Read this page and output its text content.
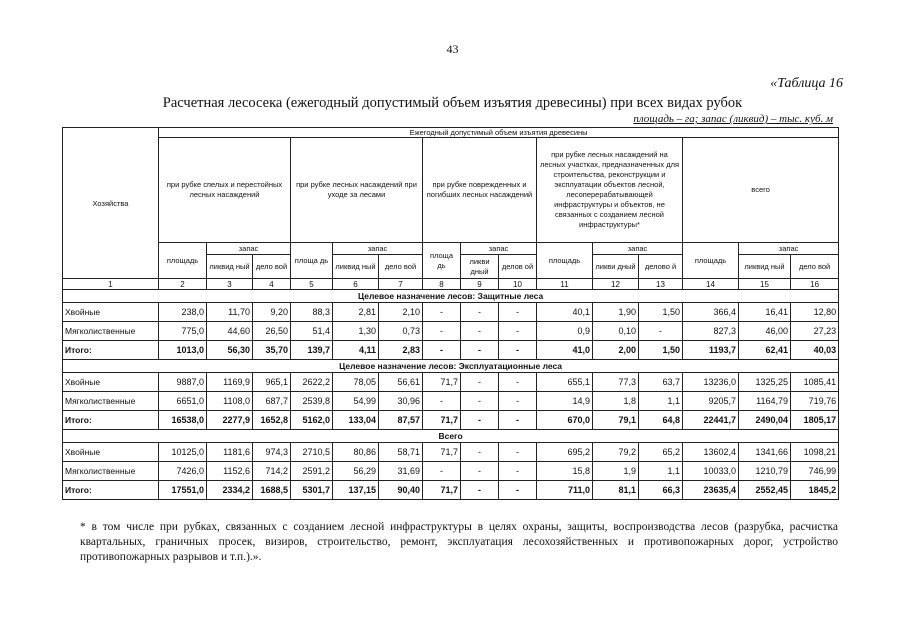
43
«Таблица 16
Расчетная лесосека (ежегодный допустимый объем изъятия древесины) при всех видах рубок
площадь – га; запас (ликвид) – тыс. куб. м
Хозяйства	Ежегодный допустимый объем изъятия древесины														
	при рубке спелых и перестойных лесных насаждений			при рубке лесных насаждений при уходе за лесами			при рубке поврежденных и погибших лесных насаждений			при рубке лесных насаждений на лесных участках, предназначенных для строительства, реконструкции и эксплуатации объектов лесной, лесоперерабатывающей инфраструктуры и объектов, не связанных с созданием лесной инфраструктуры*			всего		
	площадь	запас		площа дь	запас		площа дь	запас		площадь	запас		площадь	запас	
		ликвид ный	дело вой		ликвид ный	дело вой		ликви дный	делов ой		ликви дный	делово й		ликвид ный	дело вой
1	2	3	4	5	6	7	8	9	10	11	12	13	14	15	16
Целевое назначение лесов: Защитные леса															
Хвойные	238,0	11,70	9,20	88,3	2,81	2,10	-	-	-	40,1	1,90	1,50	366,4	16,41	12,80
Мягколиственные	775,0	44,60	26,50	51,4	1,30	0,73	-	-	-	0,9	0,10	-	827,3	46,00	27,23
Итого:	1013,0	56,30	35,70	139,7	4,11	2,83	-	-	-	41,0	2,00	1,50	1193,7	62,41	40,03
Целевое назначение лесов: Эксплуатационные леса															
Хвойные	9887,0	1169,9	965,1	2622,2	78,05	56,61	71,7	-	-	655,1	77,3	63,7	13236,0	1325,25	1085,41
Мягколиственные	6651,0	1108,0	687,7	2539,8	54,99	30,96	-	-	-	14,9	1,8	1,1	9205,7	1164,79	719,76
Итого:	16538,0	2277,9	1652,8	5162,0	133,04	87,57	71,7	-	-	670,0	79,1	64,8	22441,7	2490,04	1805,17
Всего															
Хвойные	10125,0	1181,6	974,3	2710,5	80,86	58,71	71,7	-	-	695,2	79,2	65,2	13602,4	1341,66	1098,21
Мягколиственные	7426,0	1152,6	714,2	2591,2	56,29	31,69	-	-	-	15,8	1,9	1,1	10033,0	1210,79	746,99
Итого:	17551,0	2334,2	1688,5	5301,7	137,15	90,40	71,7	-	-	711,0	81,1	66,3	23635,4	2552,45	1845,2
* в том числе при рубках, связанных с созданием лесной инфраструктуры в целях охраны, защиты, воспроизводства лесов (разрубка, расчистка квартальных, граничных просек, визиров, строительство, ремонт, эксплуатация лесохозяйственных и противопожарных дорог, устройство противопожарных разрывов и т.п.).».
